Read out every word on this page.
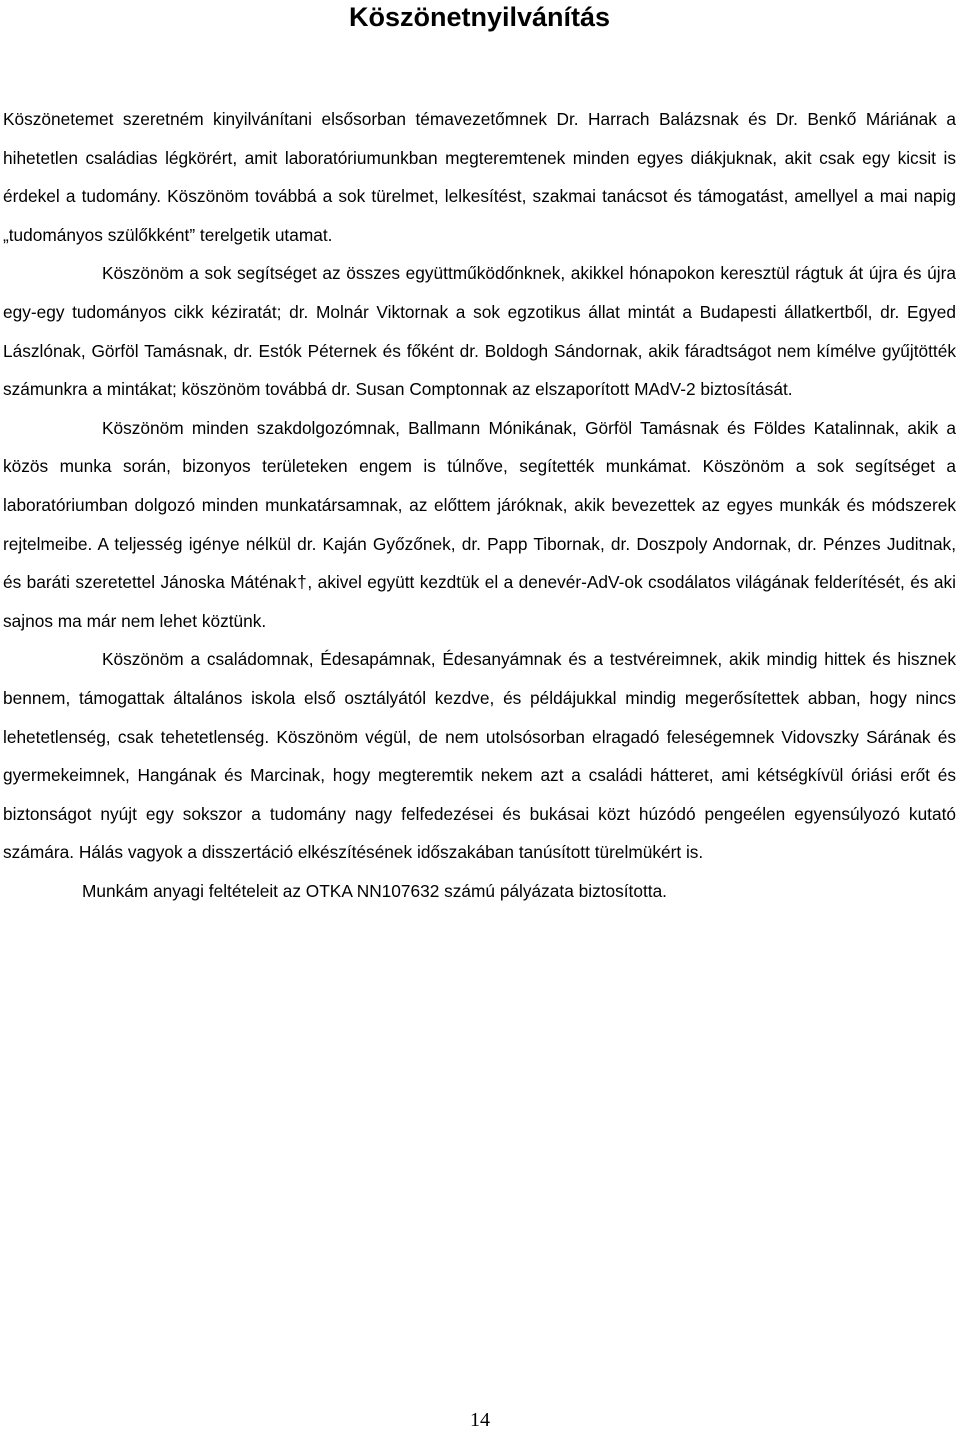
Köszönetnyilvánítás

Köszönetemet szeretném kinyilvánítani elsősorban témavezetőmnek Dr. Harrach Balázsnak és Dr. Benkő Máriának a hihetetlen családias légkörért, amit laboratóriumunkban megteremtenek minden egyes diákjuknak, akit csak egy kicsit is érdekel a tudomány. Köszönöm továbbá a sok türelmet, lelkesítést, szakmai tanácsot és támogatást, amellyel a mai napig „tudományos szülőkként” terelgetik utamat.

Köszönöm a sok segítséget az összes együttműködőnknek, akikkel hónapokon keresztül rágtuk át újra és újra egy-egy tudományos cikk kéziratát; dr. Molnár Viktornak a sok egzotikus állat mintát a Budapesti állatkertből, dr. Egyed Lászlónak, Görföl Tamásnak, dr. Estók Péternek és főként dr. Boldogh Sándornak, akik fáradtságot nem kímélve gyűjtötték számunkra a mintákat; köszönöm továbbá dr. Susan Comptonnak az elszaporított MAdV-2 biztosítását.

Köszönöm minden szakdolgozómnak, Ballmann Mónikának, Görföl Tamásnak és Földes Katalinnak, akik a közös munka során, bizonyos területeken engem is túlnőve, segítették munkámat. Köszönöm a sok segítséget a laboratóriumban dolgozó minden munkatársamnak, az előttem járóknak, akik bevezettek az egyes munkák és módszerek rejtelmeibe. A teljesség igénye nélkül dr. Kaján Győzőnek, dr. Papp Tibornak, dr. Doszpoly Andornak, dr. Pénzes Juditnak, és baráti szeretettel Jánoska Máténak†, akivel együtt kezdtük el a denevér-AdV-ok csodálatos világának felderítését, és aki sajnos ma már nem lehet köztünk.

Köszönöm a családomnak, Édesapámnak, Édesanyámnak és a testvéreimnek, akik mindig hittek és hisznek bennem, támogattak általános iskola első osztályától kezdve, és példájukkal mindig megerősítettek abban, hogy nincs lehetetlenség, csak tehetetlenség. Köszönöm végül, de nem utolsósorban elragadó feleségemnek Vidovszky Sárának és gyermekeimnek, Hangának és Marcinak, hogy megteremtik nekem azt a családi hátteret, ami kétségkívül óriási erőt és biztonságot nyújt egy sokszor a tudomány nagy felfedezései és bukásai közt húzódó pengeélen egyensúlyozó kutató számára. Hálás vagyok a disszertáció elkészítésének időszakában tanúsított türelmükért is.

Munkám anyagi feltételeit az OTKA NN107632 számú pályázata biztosította.

14
